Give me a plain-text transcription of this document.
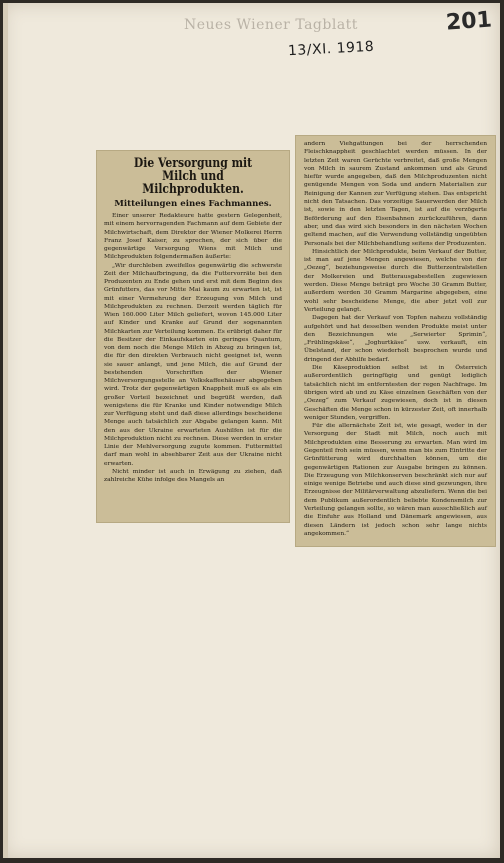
Neues Wiener Tagblatt	201
13/XI. 1918
Die Versorgung mit Milch und Milchprodukten.
Mitteilungen eines Fachmannes.

Einer unserer Redakteure hatte gestern Gelegenheit, mit einem hervorragenden Fachmann auf dem Gebiete der Milchwirtschaft, dem Direktor der Wiener Molkerei Herrn Franz Josef Kaiser, zu sprechen, der sich über die gegenwärtige Versorgung Wiens mit Milch und Milchprodukten folgendermaßen äußerte:

„Wir durchleben zweifellos gegenwärtig die schwerste Zeit der Milchaufbringung, da die Futtervorräte bei den Produzenten zu Ende gehen und erst mit dem Beginn des Grünfutters, das vor Mitte Mai kaum zu erwarten ist, ist mit einer Vermehrung der Erzeugung von Milch und Milchprodukten zu rechnen. Derzeit werden täglich für Wien 160.000 Liter Milch geliefert, wovon 145.000 Liter auf Kinder und Kranke auf Grund der sogenannten Milchkarten zur Verteilung kommen. Es erübrigt daher für die Besitzer der Einkaufskarten ein geringes Quantum, von dem noch die Menge Milch in Abzug zu bringen ist, die für den direkten Verbrauch nicht geeignet ist, wenn sie sauer anlangt, und jene Milch, die auf Grund der bestehenden Vorschriften der Wiener Milchversorgungsstelle an Volkskaffeehäuser abgegeben wird. Trotz der gegenwärtigen Knappheit muß es als ein großer Vorteil bezeichnet und begrüßt werden, daß wenigstens die für Kranke und Kinder notwendige Milch zur Verfügung steht und daß diese allerdings bescheidene Menge auch tatsächlich zur Abgabe gelangen kann. Mit den aus der Ukraine erwarteten Aushilfen ist für die Milchproduktion nicht zu rechnen. Diese werden in erster Linie der Mehlversorgung zugute kommen. Futtermittel darf man wohl in absehbarer Zeit aus der Ukraine nicht erwarten.

Nicht minder ist auch in Erwägung zu ziehen, daß zahlreiche Kühe infolge des Mangels an

andern Viehgattungen bei der herrschenden Fleischknappheit geschlachtet werden müssen. In der letzten Zeit waren Gerüchte verbreitet, daß große Mengen von Milch in saurem Zustand ankommen und als Grund hiefür wurde angegeben, daß den Milchproduzenten nicht genügende Mengen von Soda und andern Materialien zur Reinigung der Kannen zur Verfügung stehen. Das entspricht nicht den Tatsachen. Das vorzeitige Sauerwerden der Milch ist, sowie in den letzten Tagen, ist auf die verzögerte Beförderung auf den Eisenbahnen zurückzuführen, dann aber, und das wird sich besonders in den nächsten Wochen geltend machen, auf die Verwendung vollständig ungeübten Personals bei der Milchbehandlung seitens der Produzenten.

Hinsichtlich der Milchprodukte, beim Verkauf der Butter, ist man auf jene Mengen angewiesen, welche von der „Oezeg“, beziehungsweise durch die Butterzentralstellen der Molkereien und Butterausgabestellen zugewiesen werden. Diese Menge beträgt pro Woche 30 Gramm Butter, außerdem werden 30 Gramm Margarine abgegeben, eine wohl sehr bescheidene Menge, die aber jetzt voll zur Verteilung gelangt.

Dagegen hat der Verkauf von Topfen nahezu vollständig aufgehört und hat desselben wenden Produkte meist unter den Bezeichnungen wie „Serwierter Sprimin“, „Frühlingskäse“, „Joghurtkäse“ usw. verkauft, ein Übelstand, der schon wiederholt besprochen wurde und dringend der Abhilfe bedarf.

Die Käseproduktion selbst ist in Österreich außerordentlich geringfügig und genügt lediglich tatsächlich nicht im entferntesten der regen Nachfrage. Im übrigen wird ab und zu Käse einzelnen Geschäften von der „Oezeg“ zum Verkauf zugewiesen, doch ist in diesen Geschäften die Menge schon in kürzester Zeit, oft innerhalb weniger Stunden, vergriffen.

Für die allernächste Zeit ist, wie gesagt, weder in der Versorgung der Stadt mit Milch, noch auch mit Milchprodukten eine Besserung zu erwarten. Man wird im Gegenteil froh sein müssen, wenn man bis zum Eintritte der Grünfütterung wird durchhalten können, um die gegenwärtigen Rationen zur Ausgabe bringen zu können. Die Erzeugung von Milchkonserven beschränkt sich nur auf einige wenige Betriebe und auch diese sind gezwungen, ihre Erzeugnisse der Militärverwaltung abzuliefern. Wenn die bei dem Publikum außerordentlich beliebte Kondensmilch zur Verteilung gelangen sollte, so wären man ausschließlich auf die Einfuhr aus Holland und Dänemark angewiesen, aus diesen Ländern ist jedoch schon sehr lange nichts angekommen.“
